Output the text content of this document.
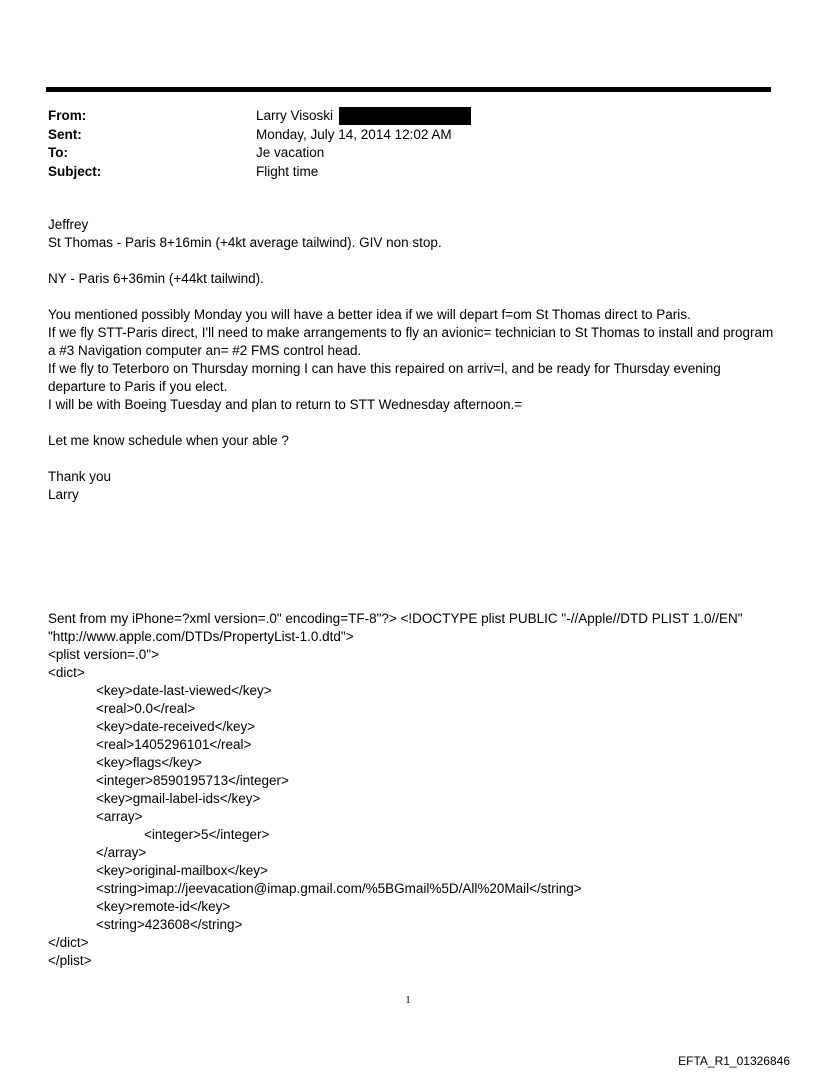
From:	Larry Visoski
Sent:	Monday, July 14, 2014 12:02 AM
To:	Je vacation
Subject:	Flight time

Jeffrey

St Thomas - Paris 8+16min (+4kt average tailwind). GIV non stop.

NY - Paris 6+36min (+44kt tailwind).

You mentioned possibly Monday you will have a better idea if we will depart f=om St Thomas direct to Paris.

If we fly STT-Paris direct, I'll need to make arrangements to fly an avionic= technician to St Thomas to install and program a #3 Navigation computer an= #2 FMS control head.

If we fly to Teterboro on Thursday morning I can have this repaired on arriv=l, and be ready for Thursday evening departure to Paris if you elect.

I will be with Boeing Tuesday and plan to return to STT Wednesday afternoon.=

Let me know schedule when your able ?

Thank you

Larry

Sent from my iPhone=?xml version=.0" encoding=TF-8"?> <!DOCTYPE plist PUBLIC "-//Apple//DTD PLIST 1.0//EN"
"http://www.apple.com/DTDs/PropertyList-1.0.dtd">
<plist version=.0">
<dict>
<key>date-last-viewed</key>
<real>0.0</real>
<key>date-received</key>
<real>1405296101</real>
<key>flags</key>
<integer>8590195713</integer>
<key>gmail-label-ids</key>
<array>
<integer>5</integer>
</array>
<key>original-mailbox</key>
<string>imap://jeevacation@imap.gmail.com/%5BGmail%5D/All%20Mail</string>
<key>remote-id</key>
<string>423608</string>
</dict>
</plist>
1
EFTA_R1_01326846
